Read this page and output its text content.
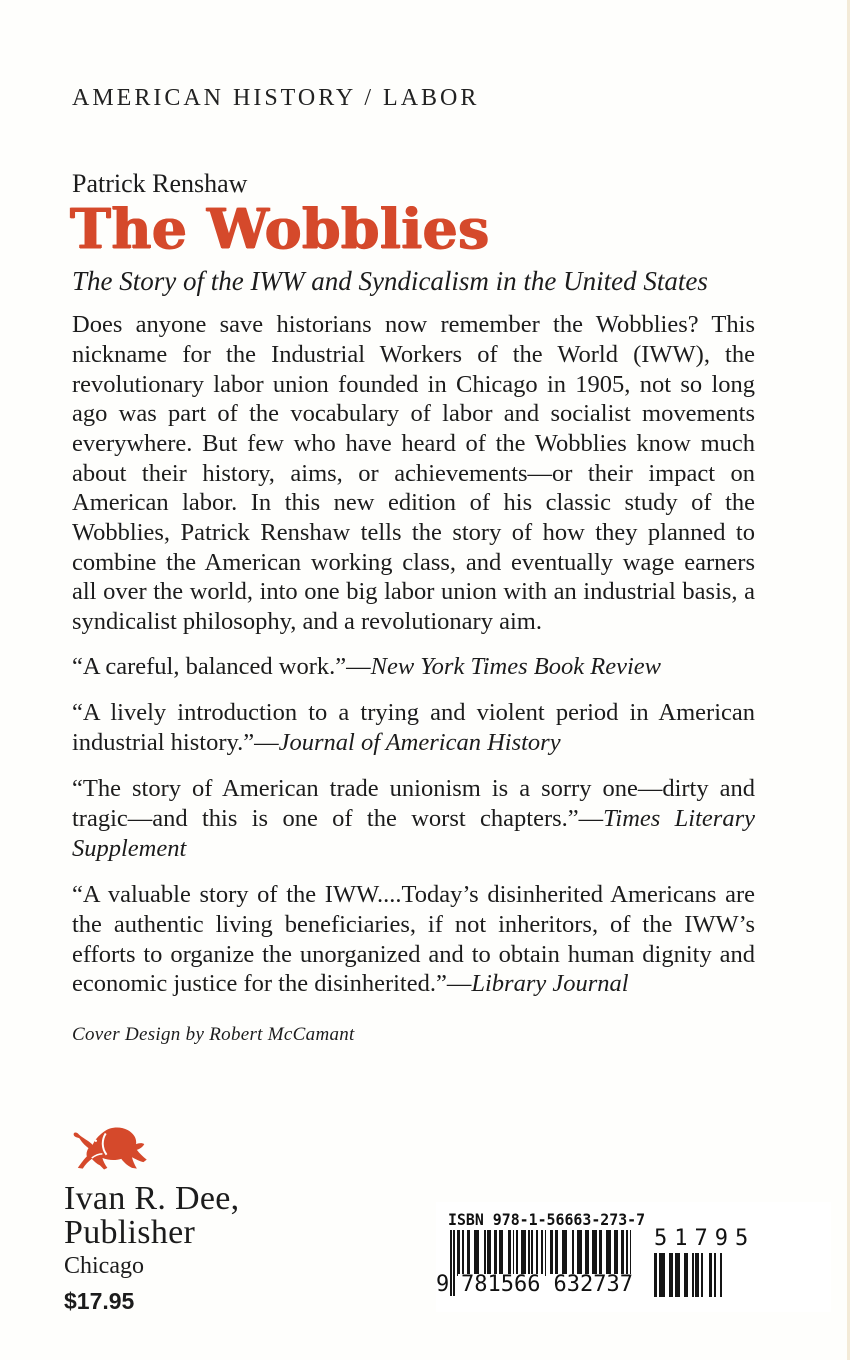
AMERICAN HISTORY / LABOR
Patrick Renshaw
The Wobblies
The Story of the IWW and Syndicalism in the United States

Does anyone save historians now remember the Wobblies? This nickname for the Industrial Workers of the World (IWW), the revolutionary labor union founded in Chicago in 1905, not so long ago was part of the vocabulary of labor and socialist movements everywhere. But few who have heard of the Wobblies know much about their history, aims, or achievements—or their impact on American labor. In this new edition of his classic study of the Wobblies, Patrick Renshaw tells the story of how they planned to combine the American working class, and eventually wage earners all over the world, into one big labor union with an industrial basis, a syndicalist philosophy, and a revolutionary aim.

“A careful, balanced work.”—New York Times Book Review

“A lively introduction to a trying and violent period in American industrial history.”—Journal of American History

“The story of American trade unionism is a sorry one—dirty and tragic—and this is one of the worst chapters.”—Times Literary Supplement

“A valuable story of the IWW....Today’s disinherited Americans are the authentic living beneficiaries, if not inheritors, of the IWW’s efforts to organize the unorganized and to obtain human dignity and economic justice for the disinherited.”—Library Journal

Cover Design by Robert McCamant

Ivan R. Dee,
Publisher
Chicago
$17.95
ISBN 978-1-56663-273-7
9 781566 632737
51795
